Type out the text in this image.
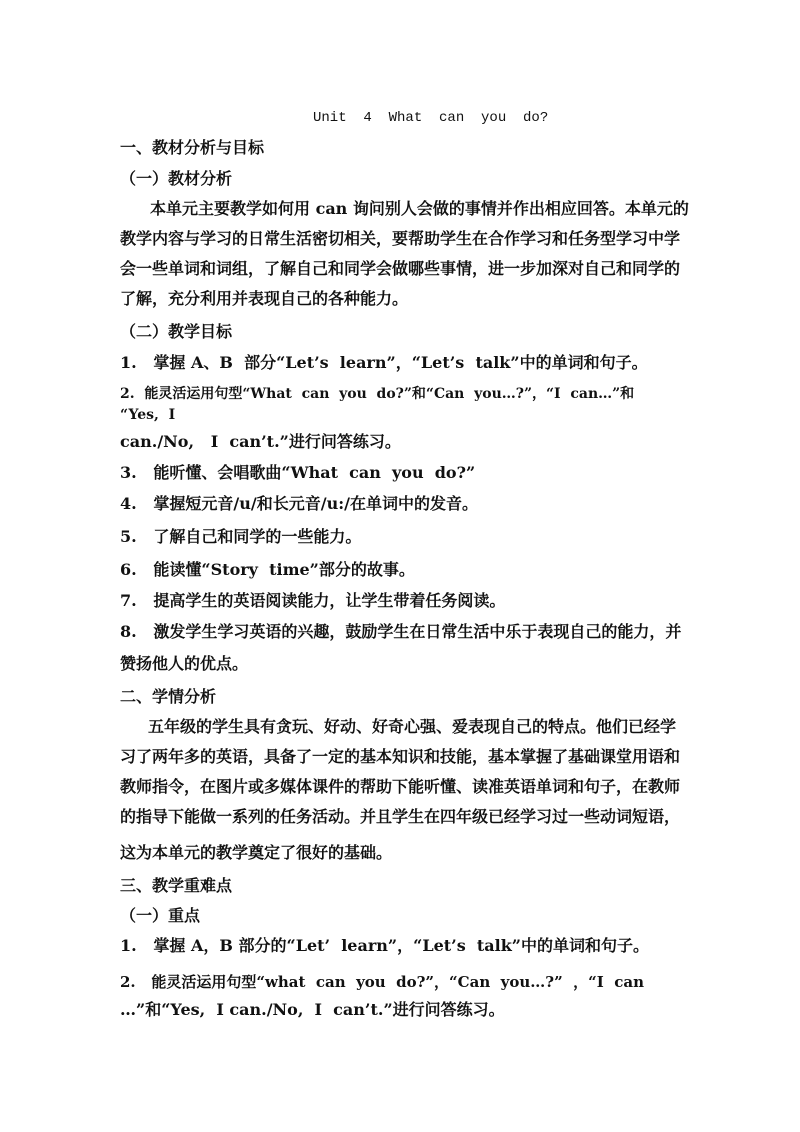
Unit  4  What  can  you  do?
一、教材分析与目标
（一）教材分析
本单元主要教学如何用 can 询问别人会做的事情并作出相应回答。本单元的
教学内容与学习的日常生活密切相关，要帮助学生在合作学习和任务型学习中学
会一些单词和词组，了解自己和同学会做哪些事情，进一步加深对自己和同学的
了解，充分利用并表现自己的各种能力。
（二）教学目标
1.   掌握 A、B  部分“Let’s  learn”，“Let’s  talk”中的单词和句子。
2.  能灵活运用句型“What  can  you  do?”和“Can  you…?”，“I  can…”和
“Yes,  I
can./No,   I  can’t.”进行问答练习。
3.   能听懂、会唱歌曲“What  can  you  do?”
4.   掌握短元音/u/和长元音/u:/在单词中的发音。
5.   了解自己和同学的一些能力。
6.   能读懂“Story  time”部分的故事。
7.   提高学生的英语阅读能力，让学生带着任务阅读。
8.   激发学生学习英语的兴趣，鼓励学生在日常生活中乐于表现自己的能力，并
赞扬他人的优点。
二、学情分析
五年级的学生具有贪玩、好动、好奇心强、爱表现自己的特点。他们已经学
习了两年多的英语，具备了一定的基本知识和技能，基本掌握了基础课堂用语和
教师指令，在图片或多媒体课件的帮助下能听懂、读准英语单词和句子，在教师
的指导下能做一系列的任务活动。并且学生在四年级已经学习过一些动词短语，
这为本单元的教学奠定了很好的基础。
三、教学重难点
（一）重点
1.   掌握 A，B 部分的“Let’  learn”，“Let’s  talk”中的单词和句子。
2.   能灵活运用句型“what  can  you  do?”，“Can  you…?”  ，“I  can
…”和“Yes,  I can./No,  I  can’t.”进行问答练习。
